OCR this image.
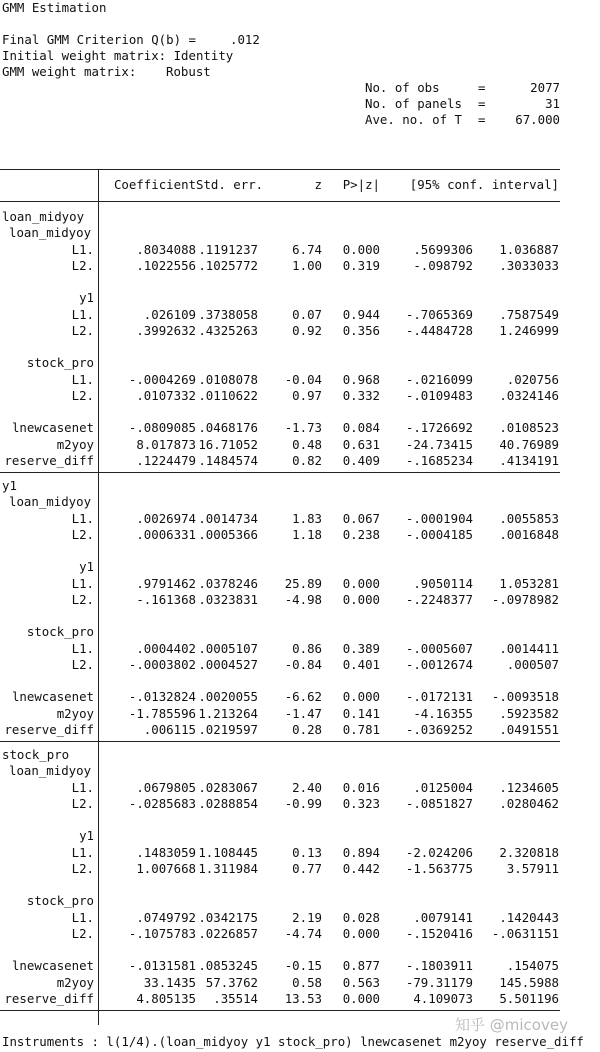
GMM Estimation
Final GMM Criterion Q(b) =	.012
Initial weight matrix: Identity
GMM weight matrix: Robust
No. of obs	=	2077
No. of panels =	31
Ave. no. of T = 67.000
Coefficient Std. err.	z	P>|z|	[95% conf. interval]
loan_midyoy
loan_midyoy
L1.	.8034088 .1191237	6.74	0.000	.5699306	1.036887
L2.	.1022556 .1025772	1.00	0.319	-.098792	.3033033
y1
L1.	.026109 .3738058	0.07	0.944	-.7065369	.7587549
L2.	.3992632 .4325263	0.92	0.356	-.4484728	1.246999
stock_pro
L1.	-.0004269 .0108078	-0.04	0.968	-.0216099	.020756
L2.	.0107332 .0110622	0.97	0.332	-.0109483	.0324146
lnewcasenet	-.0809085 .0468176	-1.73	0.084	-.1726692	.0108523
m2yoy	8.017873 16.71052	0.48	0.631	-24.73415	40.76989
reserve_diff	.1224479 .1484574	0.82	0.409	-.1685234	.4134191
y1
loan_midyoy
L1.	.0026974 .0014734	1.83	0.067	-.0001904	.0055853
L2.	.0006331 .0005366	1.18	0.238	-.0004185	.0016848
y1
L1.	.9791462 .0378246	25.89	0.000	.9050114	1.053281
L2.	-.161368 .0323831	-4.98	0.000	-.2248377	-.0978982
stock_pro
L1.	.0004402 .0005107	0.86	0.389	-.0005607	.0014411
L2.	-.0003802 .0004527	-0.84	0.401	-.0012674	.000507
lnewcasenet	-.0132824 .0020055	-6.62	0.000	-.0172131	-.0093518
m2yoy	-1.785596 1.213264	-1.47	0.141	-4.16355	.5923582
reserve_diff	.006115 .0219597	0.28	0.781	-.0369252	.0491551
stock_pro
loan_midyoy
L1.	.0679805 .0283067	2.40	0.016	.0125004	.1234605
L2.	-.0285683 .0288854	-0.99	0.323	-.0851827	.0280462
y1
L1.	.1483059 1.108445	0.13	0.894	-2.024206	2.320818
L2.	1.007668 1.311984	0.77	0.442	-1.563775	3.57911
stock_pro
L1.	.0749792 .0342175	2.19	0.028	.0079141	.1420443
L2.	-.1075783 .0226857	-4.74	0.000	-.1520416	-.0631151
lnewcasenet	-.0131581 .0853245	-0.15	0.877	-.1803911	.154075
m2yoy	33.1435 57.3762	0.58	0.563	-79.31179	145.5988
reserve_diff	4.805135	.35514	13.53	0.000	4.109073	5.501196
Instruments : l(1/4).(loan_midyoy y1 stock_pro) lnewcasenet m2yoy reserve_diff
知乎 @micovey
